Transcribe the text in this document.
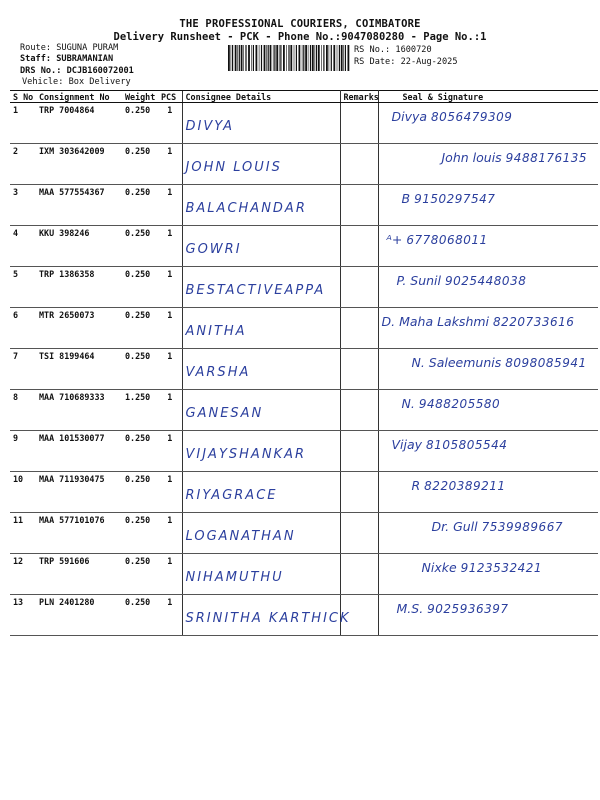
THE PROFESSIONAL COURIERS, COIMBATORE
Delivery Runsheet - PCK - Phone No.:9047080280 - Page No.:1
Route: SUGUNA PURAM
Staff: SUBRAMANIAN
DRS No.: DCJB160072001
Vehicle: Box Delivery
RS No.: 1600720
RS Date: 22-Aug-2025
S No	Consignment No	Weight	PCS	Consignee Details	Remarks	Seal & Signature
1	TRP 7004864	0.250	1	DIVYA		Divya 8056479309

2	IXM 303642009	0.250	1	JOHN LOUIS		John louis 9488176135

3	MAA 577554367	0.250	1	BALACHANDAR		B 9150297547

4	KKU 398246	0.250	1	GOWRI		ᴬ+ 6778068011

5	TRP 1386358	0.250	1	BESTACTIVEAPPA		P. Sunil 9025448038

6	MTR 2650073	0.250	1	ANITHA		D. Maha Lakshmi 8220733616

7	TSI 8199464	0.250	1	VARSHA		N. Saleemunis 8098085941

8	MAA 710689333	1.250	1	GANESAN		N. 9488205580

9	MAA 101530077	0.250	1	VIJAYSHANKAR		Vijay 8105805544

10	MAA 711930475	0.250	1	RIYAGRACE		R 8220389211

11	MAA 577101076	0.250	1	LOGANATHAN		Dr. Gull 7539989667

12	TRP 591606	0.250	1	NIHAMUTHU		Nixke 9123532421

13	PLN 2401280	0.250	1	SRINITHA KARTHICK		M.S. 9025936397
